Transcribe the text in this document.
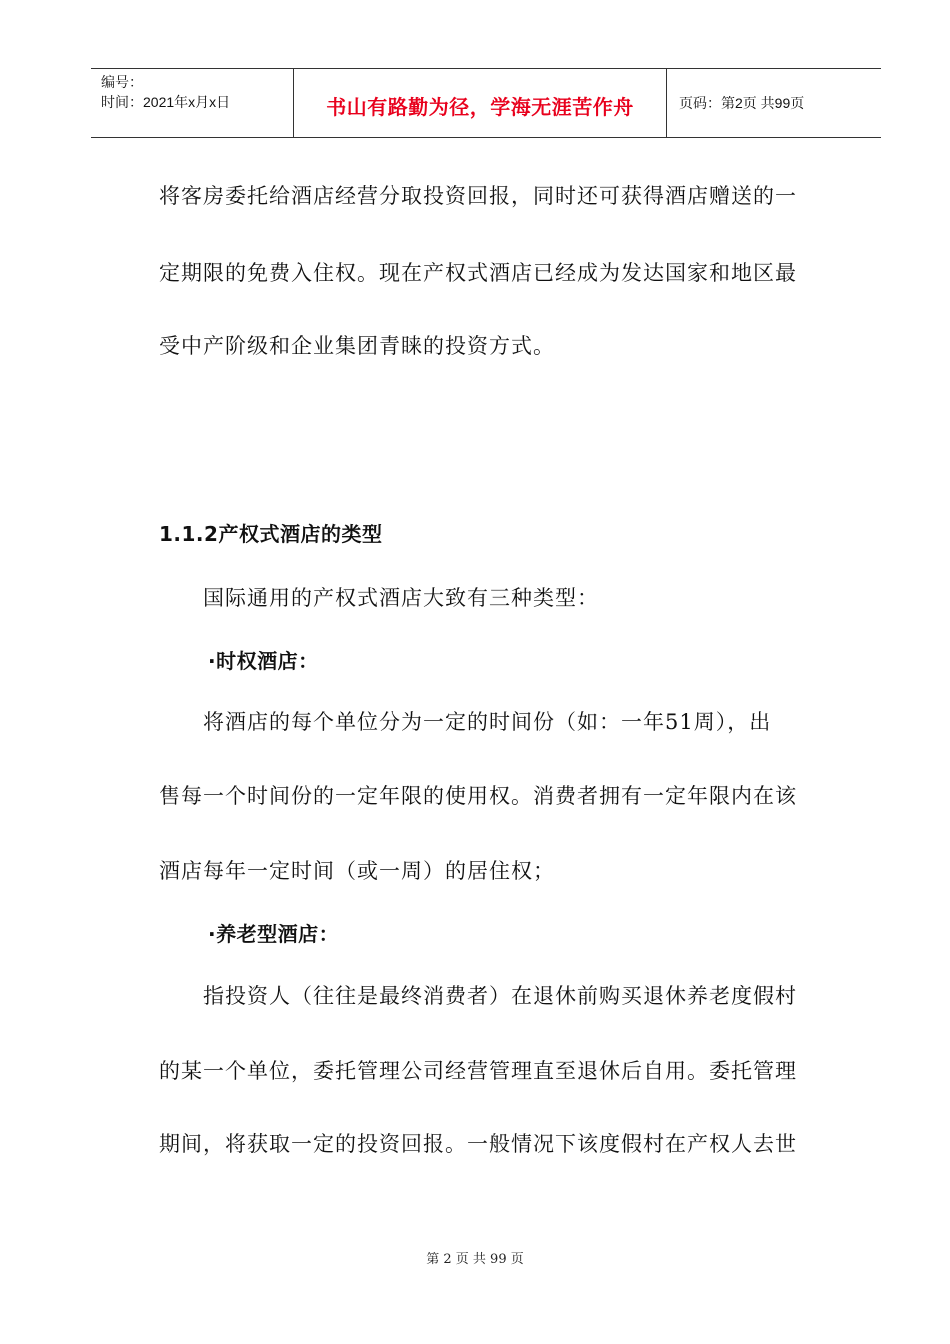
编号：
时间：2021年x月x日	书山有路勤为径，学海无涯苦作舟	页码：第2页 共99页
将客房委托给酒店经营分取投资回报，同时还可获得酒店赠送的一
定期限的免费入住权。现在产权式酒店已经成为发达国家和地区最
受中产阶级和企业集团青睐的投资方式。
1.1.2产权式酒店的类型
国际通用的产权式酒店大致有三种类型：
·时权酒店：
将酒店的每个单位分为一定的时间份（如：一年51周），出
售每一个时间份的一定年限的使用权。消费者拥有一定年限内在该
酒店每年一定时间（或一周）的居住权；
·养老型酒店：
指投资人（往往是最终消费者）在退休前购买退休养老度假村
的某一个单位，委托管理公司经营管理直至退休后自用。委托管理
期间，将获取一定的投资回报。一般情况下该度假村在产权人去世
第 2 页 共 99 页
